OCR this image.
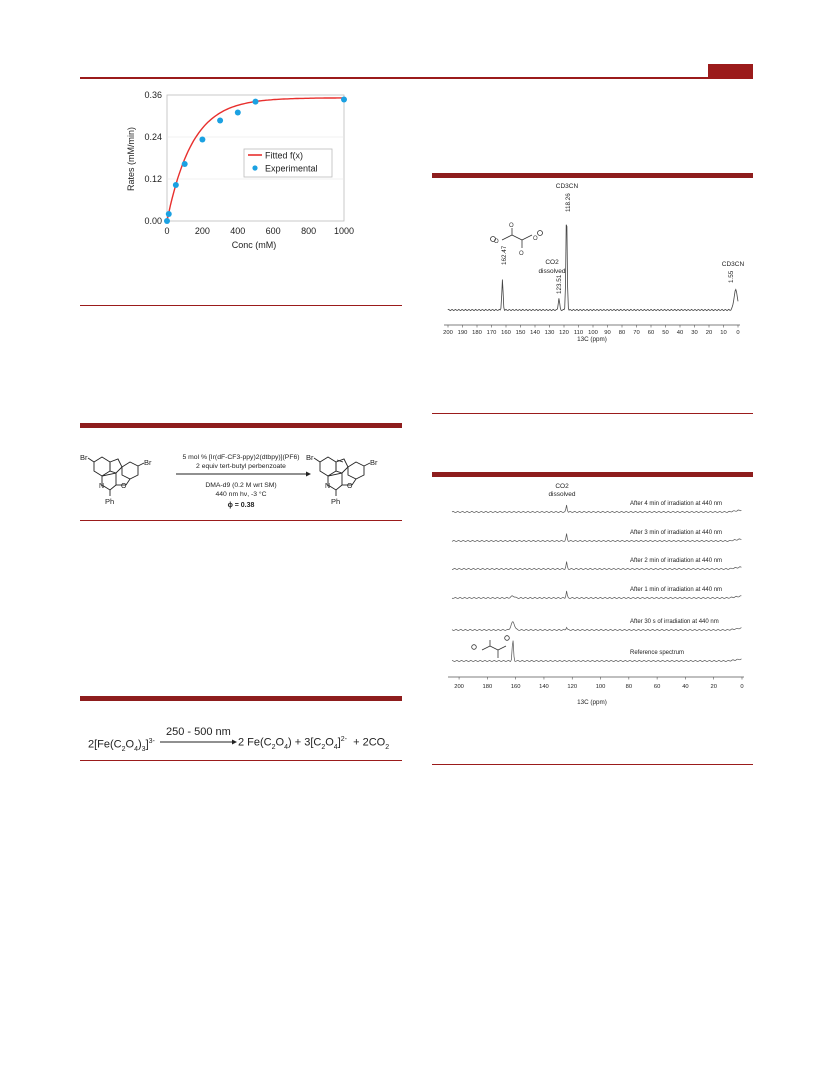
0.00
0.12
0.24
0.36
0	200 400 600 800 1000
Fitted f(x)
Experimental
Conc (mM)
Rates (mM/min)
Br
Br
N O
Ph
5 mol % [Ir(dF-CF3-ppy)2(dtbpy)](PF6)
2 equiv tert-butyl perbenzoate
DMA-d9 (0.2 M wrt SM)
440 nm hν, -3 °C
ϕ = 0.38
Br
Br
N O
Ph
250 - 500 nm
$2[Fe(C_2O_4)_3]^{3-}$	2 $Fe(C_2O_4) + 3[C_2O_4]^{2-} + 2CO_2$
200 190 180 170 160 150 140 130 120 110 100 90 80 70 60 50 40 30 20 10 0
O
O
O
O
CD3CN
CO2
dissolved
CD3CN
162.47
123.51
118.26
1.55
13C (ppm)
CO2
dissolved
After 4 min of irradiation at 440 nm
After 3 min of irradiation at 440 nm
After 2 min of irradiation at 440 nm
After 1 min of irradiation at 440 nm
After 30 s of irradiation at 440 nm
Reference spectrum
200	180	160	140	120	100	80	60	40	20	0
13C (ppm)
